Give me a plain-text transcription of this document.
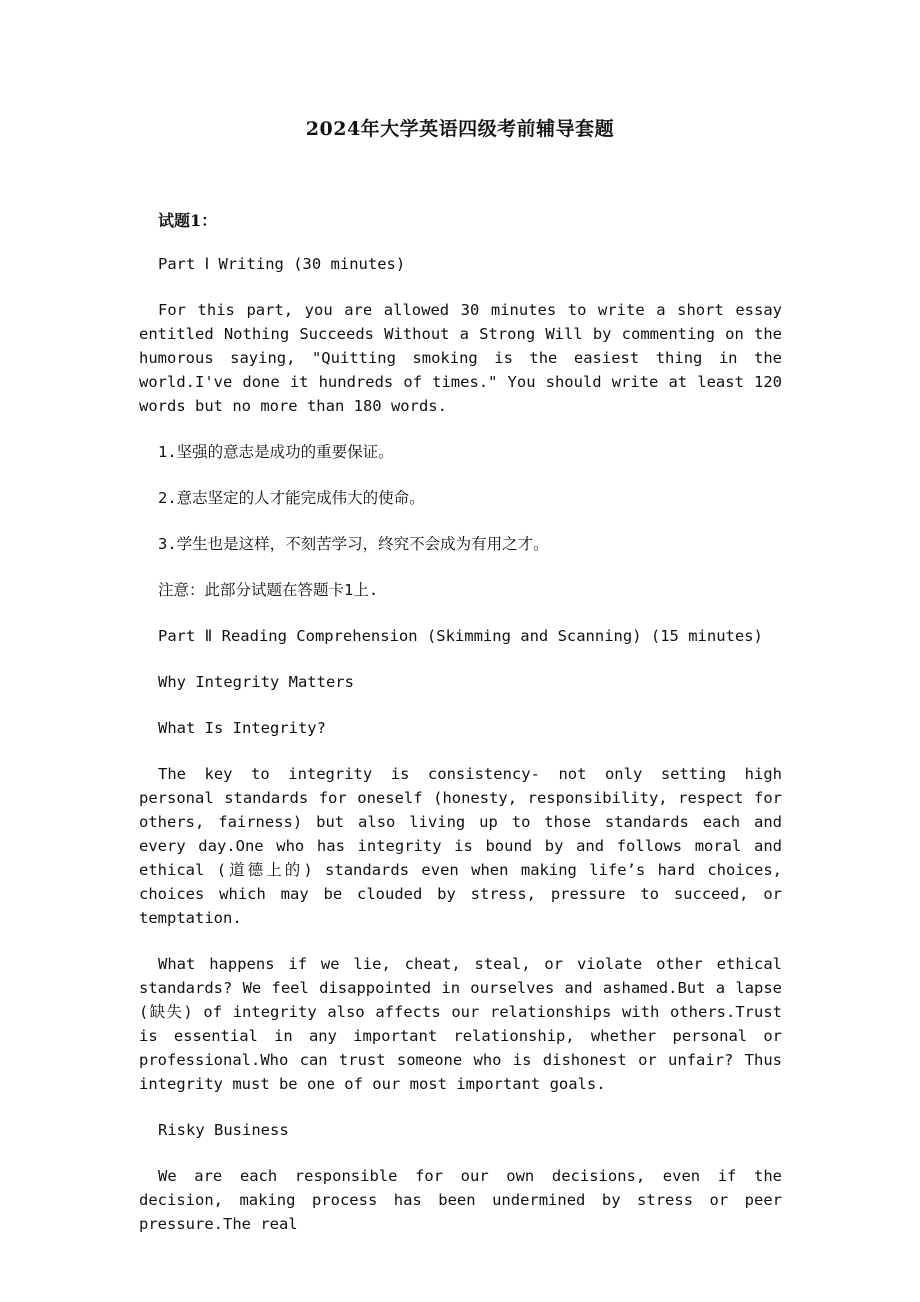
2024年大学英语四级考前辅导套题
试题1：

Part Ⅰ Writing (30 minutes)

For this part, you are allowed 30 minutes to write a short essay entitled Nothing Succeeds Without a Strong Will by commenting on the humorous saying, "Quitting smoking is the easiest thing in the world.I've done it hundreds of times." You should write at least 120 words but no more than 180 words.

1.坚强的意志是成功的重要保证。

2.意志坚定的人才能完成伟大的使命。

3.学生也是这样，不刻苦学习，终究不会成为有用之才。

注意：此部分试题在答题卡1上.

Part Ⅱ Reading Comprehension (Skimming and Scanning) (15 minutes)

Why Integrity Matters

What Is Integrity?

The key to integrity is consistency- not only setting high personal standards for oneself (honesty, responsibility, respect for others, fairness) but also living up to those standards each and every day.One who has integrity is bound by and follows moral and ethical (道德上的) standards even when making life’s hard choices, choices which may be clouded by stress, pressure to succeed, or temptation.

What happens if we lie, cheat, steal, or violate other ethical standards? We feel disappointed in ourselves and ashamed.But a lapse (缺失) of integrity also affects our relationships with others.Trust is essential in any important relationship, whether personal or professional.Who can trust someone who is dishonest or unfair? Thus integrity must be one of our most important goals.

Risky Business

We are each responsible for our own decisions, even if the decision, making process has been undermined by stress or peer pressure.The real
